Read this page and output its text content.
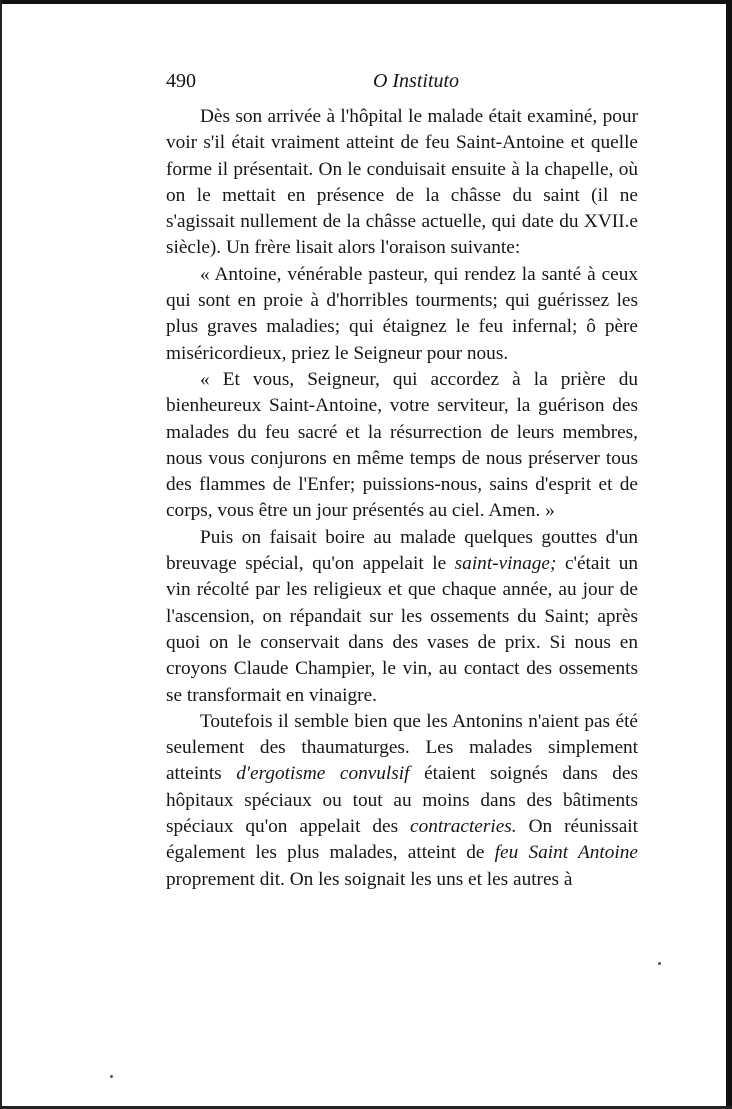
490	O Instituto

Dès son arrivée à l'hôpital le malade était examiné, pour voir s'il était vraiment atteint de feu Saint-Antoine et quelle forme il présentait. On le conduisait ensuite à la chapelle, où on le mettait en présence de la châsse du saint (il ne s'agissait nullement de la châsse actuelle, qui date du XVII.e siècle). Un frère lisait alors l'oraison suivante:

« Antoine, vénérable pasteur, qui rendez la santé à ceux qui sont en proie à d'horribles tourments; qui guérissez les plus graves maladies; qui étaignez le feu infernal; ô père miséricordieux, priez le Seigneur pour nous.

« Et vous, Seigneur, qui accordez à la prière du bienheureux Saint-Antoine, votre serviteur, la guérison des malades du feu sacré et la résurrection de leurs membres, nous vous conjurons en même temps de nous préserver tous des flammes de l'Enfer; puissions-nous, sains d'esprit et de corps, vous être un jour présentés au ciel. Amen. »

Puis on faisait boire au malade quelques gouttes d'un breuvage spécial, qu'on appelait le saint-vinage; c'était un vin récolté par les religieux et que chaque année, au jour de l'ascension, on répandait sur les ossements du Saint; après quoi on le conservait dans des vases de prix. Si nous en croyons Claude Champier, le vin, au contact des ossements se transformait en vinaigre.

Toutefois il semble bien que les Antonins n'aient pas été seulement des thaumaturges. Les malades simplement atteints d'ergotisme convulsif étaient soignés dans des hôpitaux spéciaux ou tout au moins dans des bâtiments spéciaux qu'on appelait des contracteries. On réunissait également les plus malades, atteint de feu Saint Antoine proprement dit. On les soignait les uns et les autres à
